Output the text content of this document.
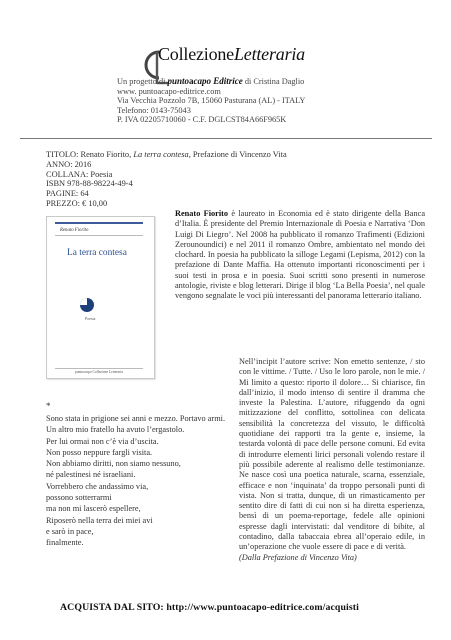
CollezioneLetteraria
Un progetto di puntoacapo Editrice di Cristina Daglio
www. puntoacapo-editrice.com
Via Vecchia Pozzolo 7B, 15060 Pasturana (AL) - ITALY
Telefono: 0143-75043
P. IVA 02205710060 - C.F. DGLCST84A66F965K
TITOLO: Renato Fiorito, La terra contesa, Prefazione di Vincenzo Vita
ANNO: 2016
COLLANA: Poesia
ISBN 978-88-98224-49-4
PAGINE: 64
PREZZO: € 10,00
Renato Fiorito
La terra contesa
Poesia
puntoacapo Collezione Letteraria
Renato Fiorito è laureato in Economia ed è stato dirigente della Banca d’Italia. È presidente del Premio Internazionale di Poesia e Narrativa ‘Don Luigi Di Liegro’. Nel 2008 ha pubblicato il romanzo Trafimenti (Edizioni Zerounoundici) e nel 2011 il romanzo Ombre, ambientato nel mondo dei clochard. In poesia ha pubblicato la silloge Legami (Lepisma, 2012) con la prefazione di Dante Maffia. Ha ottenuto importanti riconoscimenti per i suoi testi in prosa e in poesia. Suoi scritti sono presenti in numerose antologie, riviste e blog letterari. Dirige il blog ‘La Bella Poesia’, nel quale vengono segnalate le voci più interessanti del panorama letterario italiano.
*
Sono stata in prigione sei anni e mezzo. Portavo armi.
Un altro mio fratello ha avuto l’ergastolo.
Per lui ormai non c’è via d’uscita.
Non posso neppure fargli visita.
Non abbiamo diritti, non siamo nessuno,
né palestinesi né israeliani.
Vorrebbero che andassimo via,
possono sotterrarmi
ma non mi lascerò espellere,
Riposerò nella terra dei miei avi
e sarò in pace,
finalmente.
Nell’incipit l’autore scrive: Non emetto sentenze, / sto con le vittime. / Tutte. / Uso le loro parole, non le mie. / Mi limito a questo: riporto il dolore… Si chiarisce, fin dall’inizio, il modo intenso di sentire il dramma che investe la Palestina. L’autore, rifuggendo da ogni mitizzazione del conflitto, sottolinea con delicata sensibilità la concretezza del vissuto, le difficoltà quotidiane dei rapporti tra la gente e, insieme, la testarda volontà di pace delle persone comuni. Ed evita di introdurre elementi lirici personali volendo restare il più possibile aderente al realismo delle testimonianze. Ne nasce così una poetica naturale, scarna, essenziale, efficace e non ‘inquinata’ da troppo personali punti di vista. Non si tratta, dunque, di un rimasticamento per sentito dire di fatti di cui non si ha diretta esperienza, bensì di un poema-reportage, fedele alle opinioni espresse dagli intervistati: dal venditore di bibite, al contadino, dalla tabaccaia ebrea all’operaio edile, in un’operazione che vuole essere di pace e di verità.
(Dalla Prefazione di Vincenzo Vita)
ACQUISTA DAL SITO: http://www.puntoacapo-editrice.com/acquisti
